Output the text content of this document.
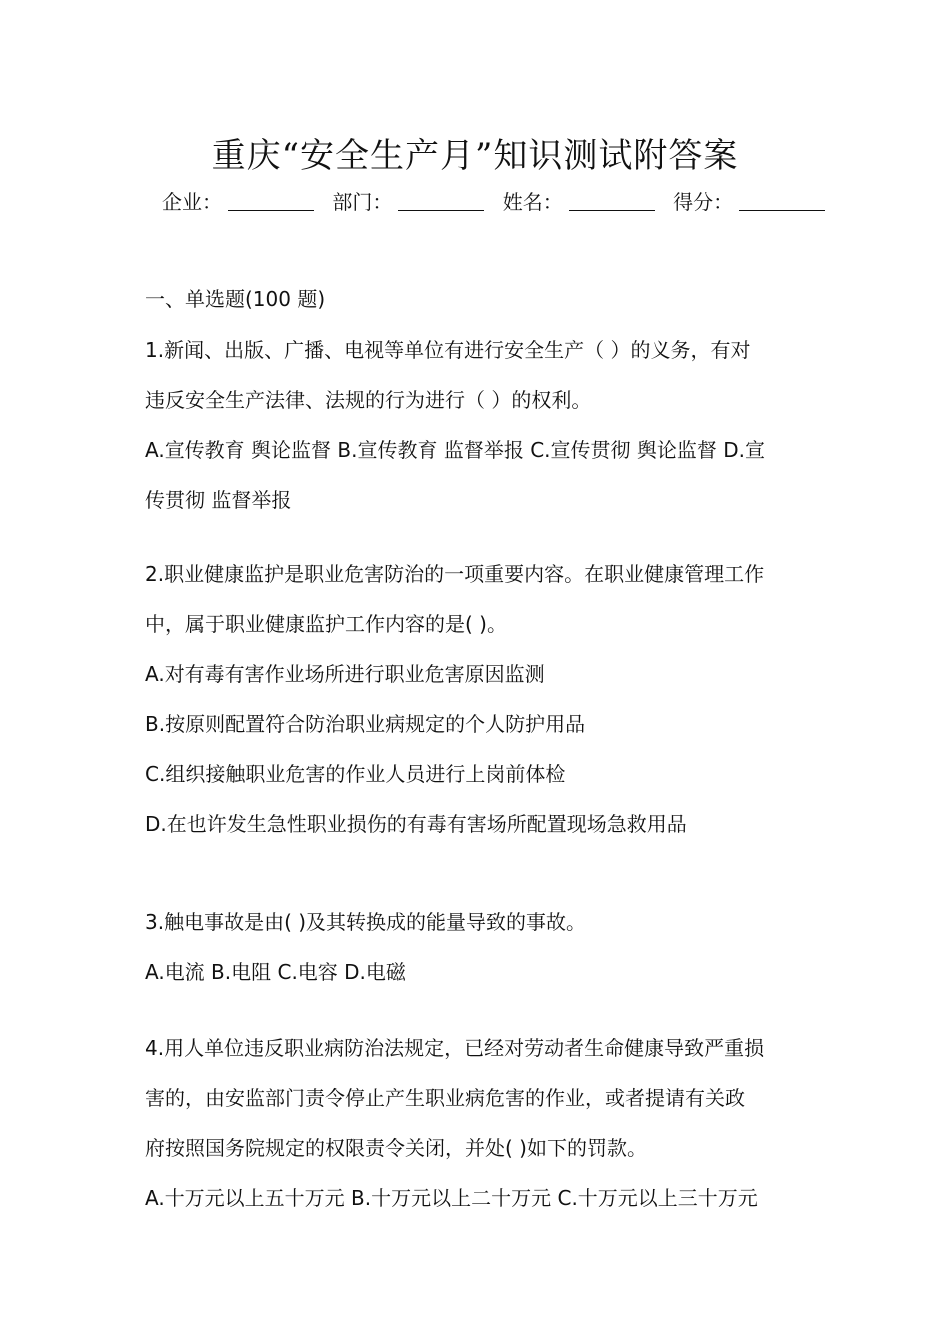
重庆“安全生产月”知识测试附答案
企业：	部门：	姓名：	得分：
一、单选题(100 题)
1.新闻、出版、广播、电视等单位有进行安全生产（ ）的义务，有对
违反安全生产法律、法规的行为进行（ ）的权利。
A.宣传教育 舆论监督 B.宣传教育 监督举报 C.宣传贯彻 舆论监督 D.宣
传贯彻 监督举报
2.职业健康监护是职业危害防治的一项重要内容。在职业健康管理工作
中，属于职业健康监护工作内容的是( )。
A.对有毒有害作业场所进行职业危害原因监测
B.按原则配置符合防治职业病规定的个人防护用品
C.组织接触职业危害的作业人员进行上岗前体检
D.在也许发生急性职业损伤的有毒有害场所配置现场急救用品
3.触电事故是由( )及其转换成的能量导致的事故。
A.电流 B.电阻 C.电容 D.电磁
4.用人单位违反职业病防治法规定，已经对劳动者生命健康导致严重损
害的，由安监部门责令停止产生职业病危害的作业，或者提请有关政
府按照国务院规定的权限责令关闭，并处( )如下的罚款。
A.十万元以上五十万元 B.十万元以上二十万元 C.十万元以上三十万元
